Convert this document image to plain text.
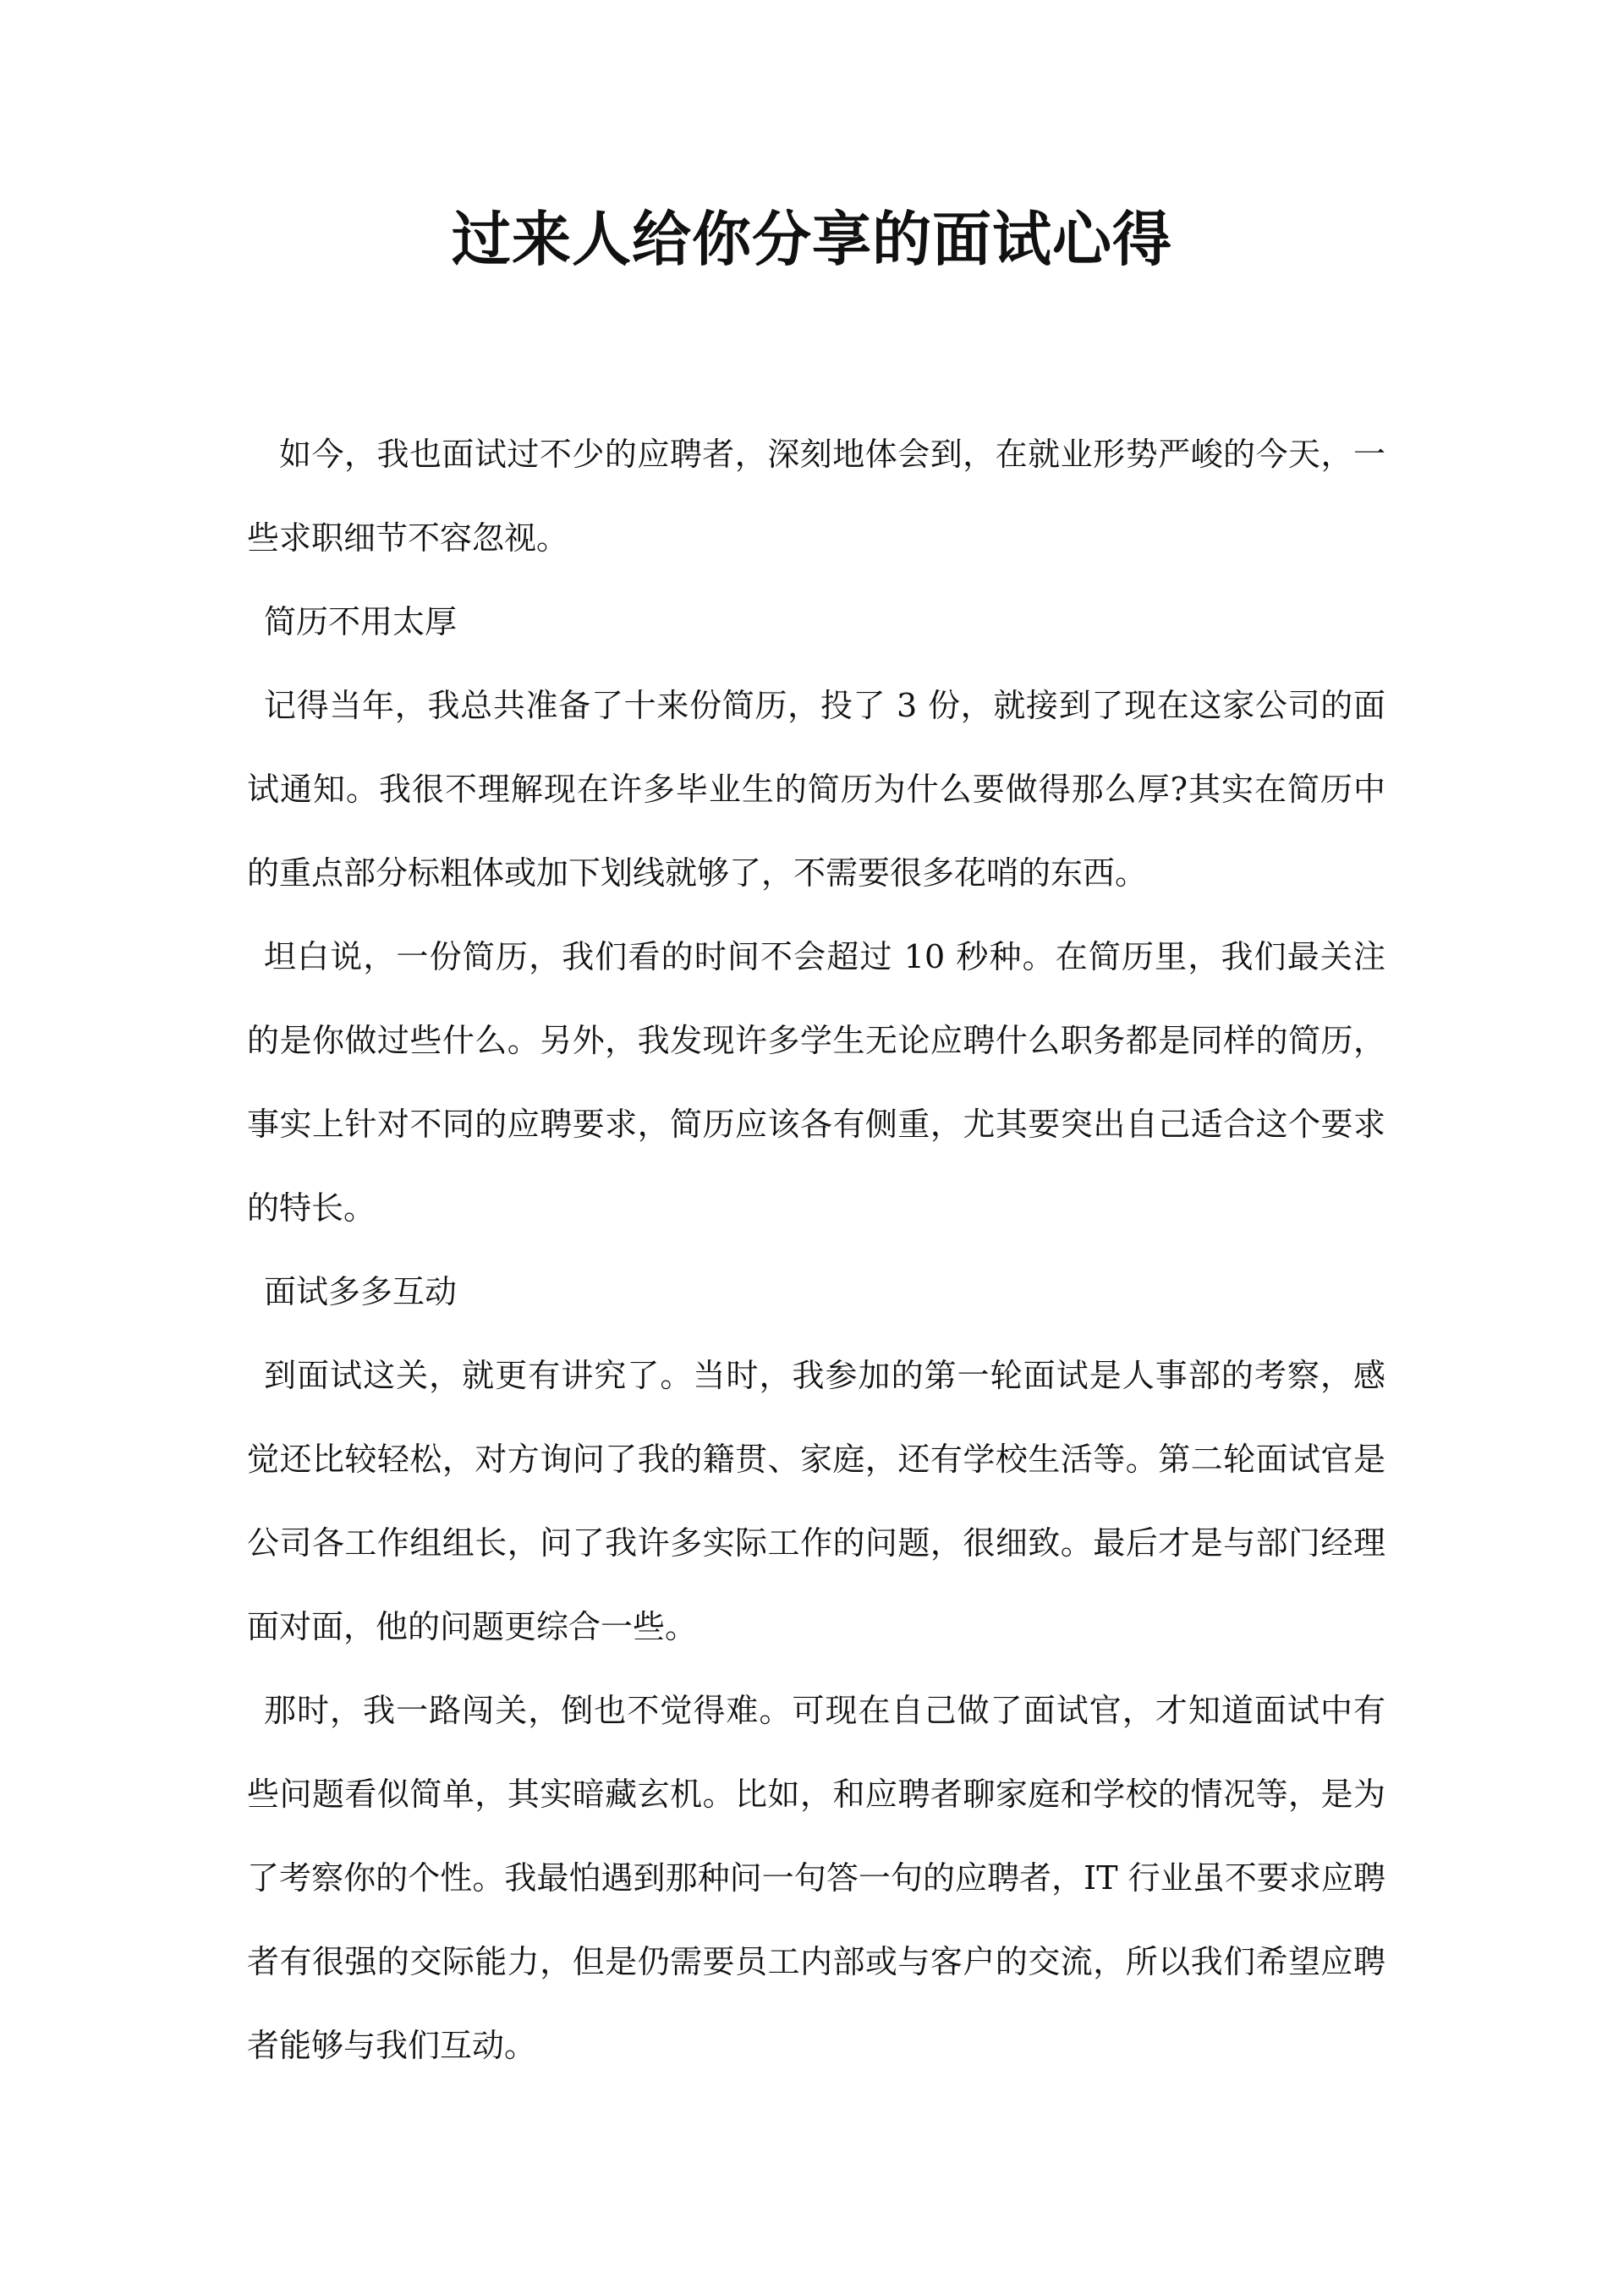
过来人给你分享的面试心得

如今，我也面试过不少的应聘者，深刻地体会到，在就业形势严峻的今天，一些求职细节不容忽视。

简历不用太厚

记得当年，我总共准备了十来份简历，投了 3 份，就接到了现在这家公司的面试通知。我很不理解现在许多毕业生的简历为什么要做得那么厚?其实在简历中的重点部分标粗体或加下划线就够了，不需要很多花哨的东西。

坦白说，一份简历，我们看的时间不会超过 10 秒种。在简历里，我们最关注的是你做过些什么。另外，我发现许多学生无论应聘什么职务都是同样的简历，事实上针对不同的应聘要求，简历应该各有侧重，尤其要突出自己适合这个要求的特长。

面试多多互动

到面试这关，就更有讲究了。当时，我参加的第一轮面试是人事部的考察，感觉还比较轻松，对方询问了我的籍贯、家庭，还有学校生活等。第二轮面试官是公司各工作组组长，问了我许多实际工作的问题，很细致。最后才是与部门经理面对面，他的问题更综合一些。

那时，我一路闯关，倒也不觉得难。可现在自己做了面试官，才知道面试中有些问题看似简单，其实暗藏玄机。比如，和应聘者聊家庭和学校的情况等，是为了考察你的个性。我最怕遇到那种问一句答一句的应聘者，IT 行业虽不要求应聘者有很强的交际能力，但是仍需要员工内部或与客户的交流，所以我们希望应聘者能够与我们互动。
